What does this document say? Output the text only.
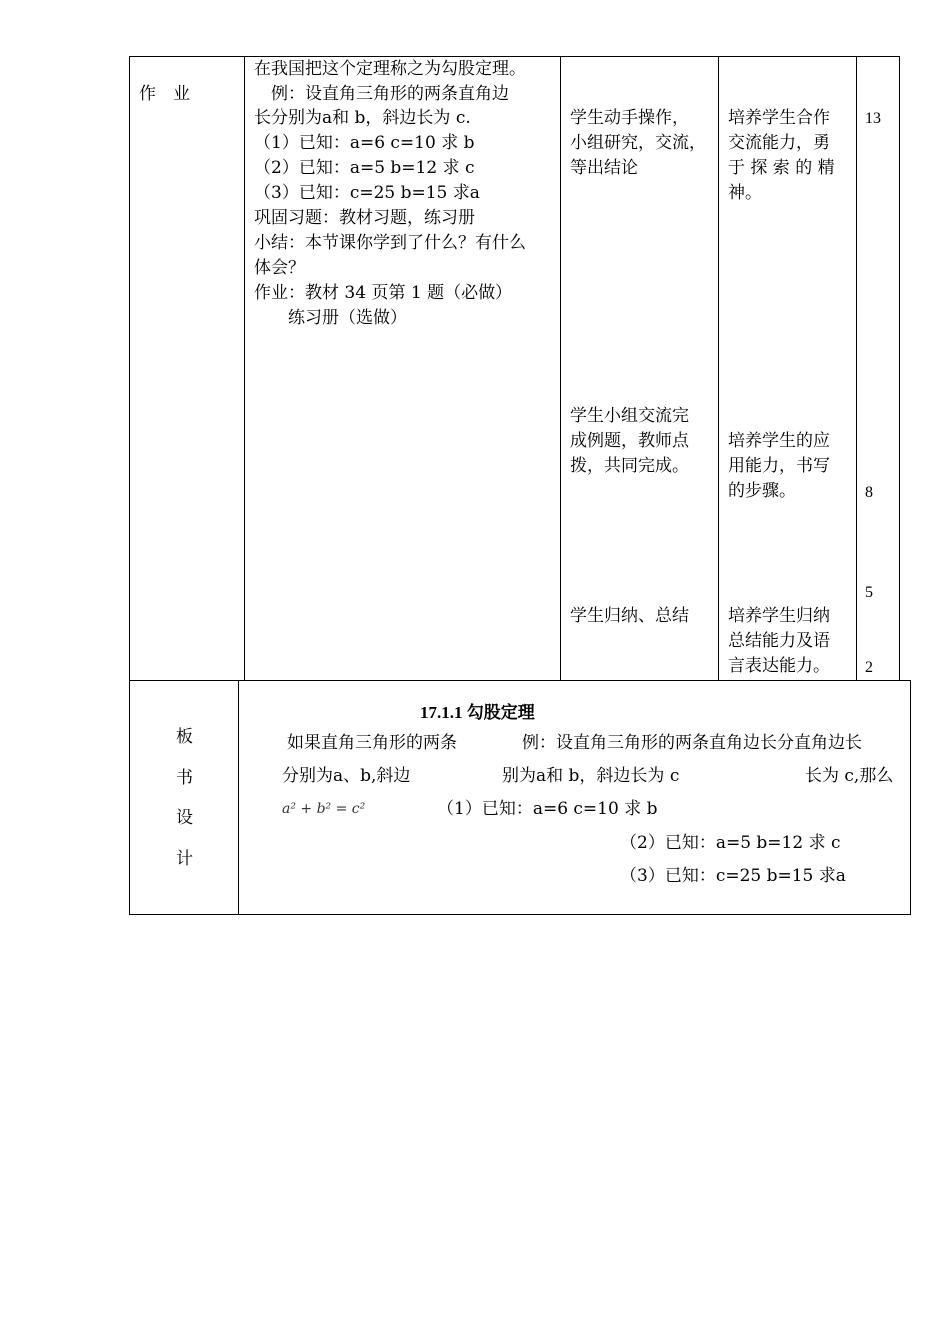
作　业
在我国把这个定理称之为勾股定理。
　例：设直角三角形的两条直角边
长分别为a和 b，斜边长为 c.
（1）已知：a=6 c=10 求 b
（2）已知：a=5 b=12 求 c
（3）已知：c=25 b=15 求a
巩固习题：教材习题，练习册
小结：本节课你学到了什么？有什么
体会？
作业：教材 34 页第 1 题（必做）
　　练习册（选做）
学生动手操作，
小组研究，交流，
等出结论
学生小组交流完
成例题，教师点
拨，共同完成。
学生归纳、总结
培养学生合作
交流能力，勇
于 探 索 的 精
神。
培养学生的应
用能力，书写
的步骤。
培养学生归纳
总结能力及语
言表达能力。
13
8
5
2
板
书
设
计
17.1.1 勾股定理
如果直角三角形的两条
分别为a、b,斜边
a² + b² = c²
例：设直角三角形的两条直角边长分直角边长
别为a和 b，斜边长为 c
（1）已知：a=6 c=10 求 b
长为 c,那么
（2）已知：a=5 b=12 求 c
（3）已知：c=25 b=15 求a
